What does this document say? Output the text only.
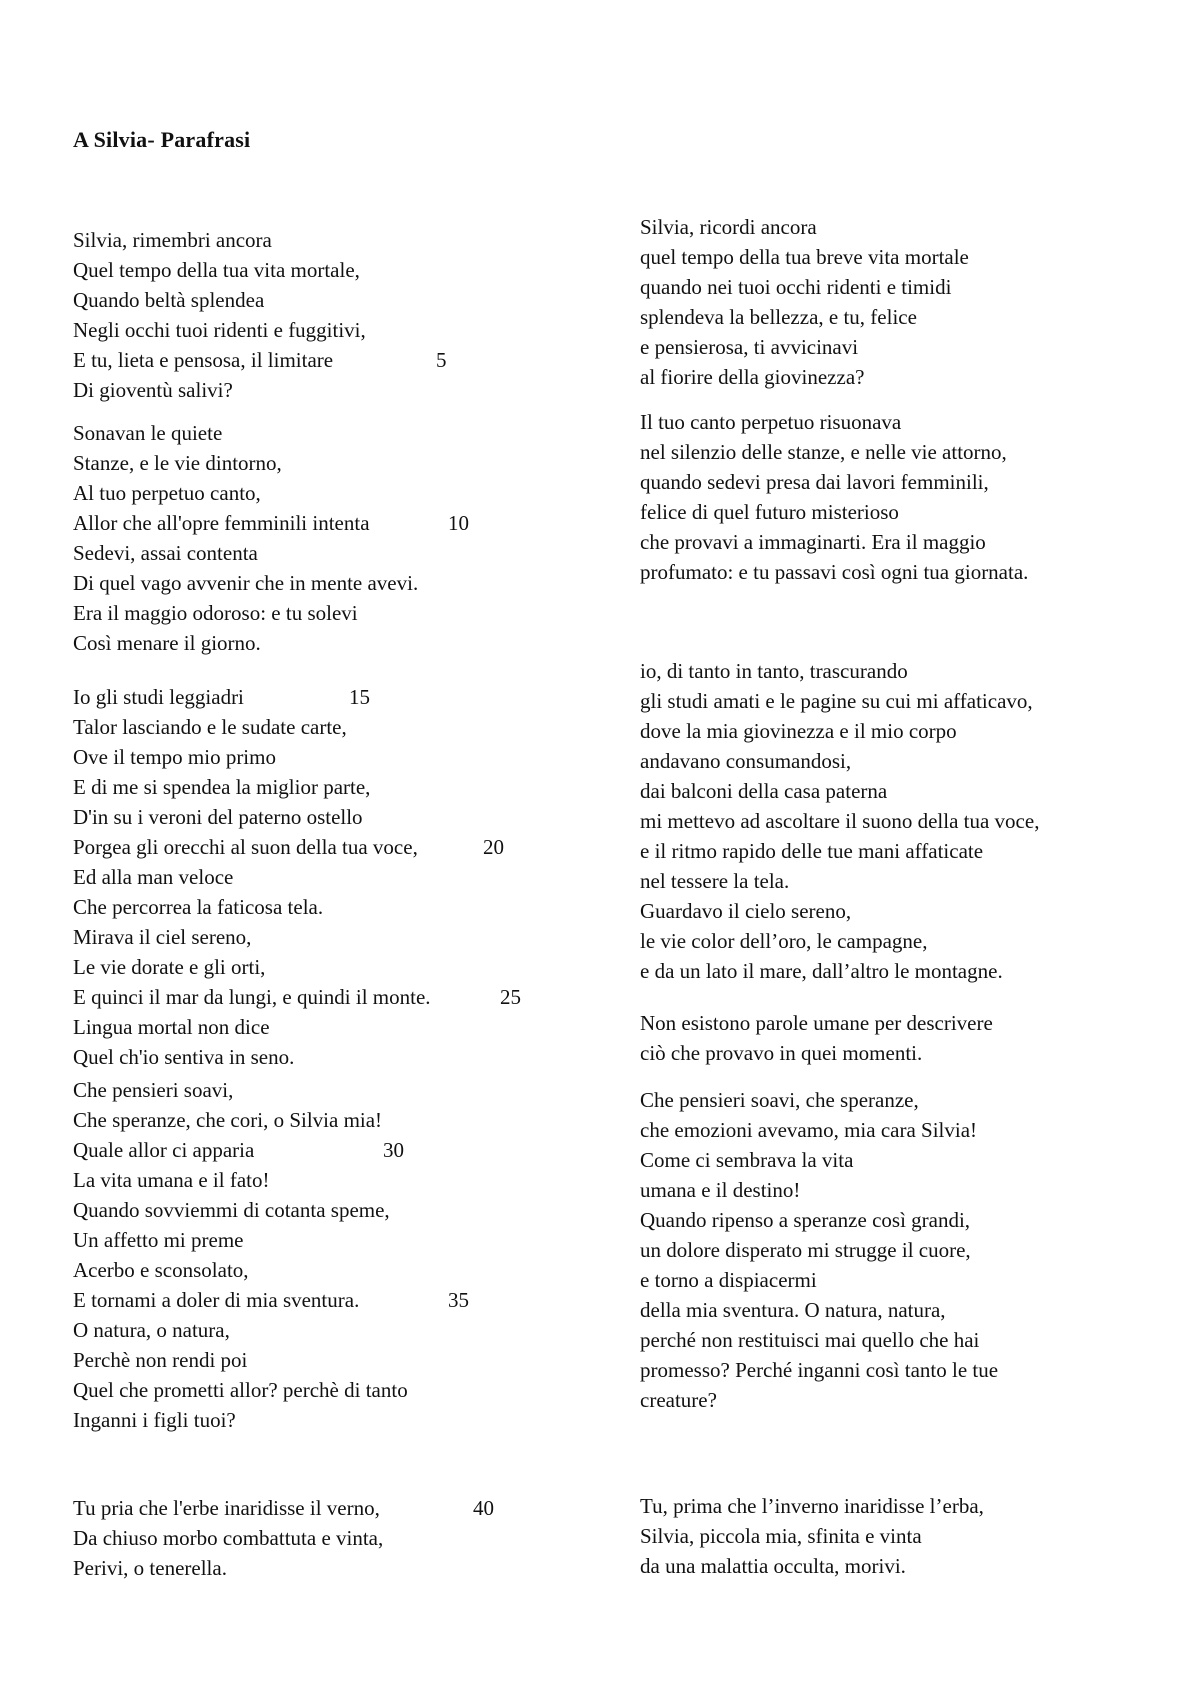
A Silvia- Parafrasi
Silvia, rimembri ancora
Quel tempo della tua vita mortale,
Quando beltà splendea
Negli occhi tuoi ridenti e fuggitivi,
E tu, lieta e pensosa, il limitare	5
Di gioventù salivi?
Sonavan le quiete
Stanze, e le vie dintorno,
Al tuo perpetuo canto,
Allor che all'opre femminili intenta	10
Sedevi, assai contenta
Di quel vago avvenir che in mente avevi.
Era il maggio odoroso: e tu solevi
Così menare il giorno.
Io gli studi leggiadri	15
Talor lasciando e le sudate carte,
Ove il tempo mio primo
E di me si spendea la miglior parte,
D'in su i veroni del paterno ostello
Porgea gli orecchi al suon della tua voce,	20
Ed alla man veloce
Che percorrea la faticosa tela.
Mirava il ciel sereno,
Le vie dorate e gli orti,
E quinci il mar da lungi, e quindi il monte.	25
Lingua mortal non dice
Quel ch'io sentiva in seno.
Che pensieri soavi,
Che speranze, che cori, o Silvia mia!
Quale allor ci apparia	30
La vita umana e il fato!
Quando sovviemmi di cotanta speme,
Un affetto mi preme
Acerbo e sconsolato,
E tornami a doler di mia sventura.	35
O natura, o natura,
Perchè non rendi poi
Quel che prometti allor? perchè di tanto
Inganni i figli tuoi?
Tu pria che l'erbe inaridisse il verno,	40
Da chiuso morbo combattuta e vinta,
Perivi, o tenerella.
Silvia, ricordi ancora
quel tempo della tua breve vita mortale
quando nei tuoi occhi ridenti e timidi
splendeva la bellezza, e tu, felice
e pensierosa, ti avvicinavi
al fiorire della giovinezza?
Il tuo canto perpetuo risuonava
nel silenzio delle stanze, e nelle vie attorno,
quando sedevi presa dai lavori femminili,
felice di quel futuro misterioso
che provavi a immaginarti. Era il maggio
profumato: e tu passavi così ogni tua giornata.
io, di tanto in tanto, trascurando
gli studi amati e le pagine su cui mi affaticavo,
dove la mia giovinezza e il mio corpo
andavano consumandosi,
dai balconi della casa paterna
mi mettevo ad ascoltare il suono della tua voce,
e il ritmo rapido delle tue mani affaticate
nel tessere la tela.
Guardavo il cielo sereno,
le vie color dell’oro, le campagne,
e da un lato il mare, dall’altro le montagne.
Non esistono parole umane per descrivere
ciò che provavo in quei momenti.
Che pensieri soavi, che speranze,
che emozioni avevamo, mia cara Silvia!
Come ci sembrava la vita
umana e il destino!
Quando ripenso a speranze così grandi,
un dolore disperato mi strugge il cuore,
e torno a dispiacermi
della mia sventura. O natura, natura,
perché non restituisci mai quello che hai
promesso? Perché inganni così tanto le tue
creature?
Tu, prima che l’inverno inaridisse l’erba,
Silvia, piccola mia, sfinita e vinta
da una malattia occulta, morivi.
